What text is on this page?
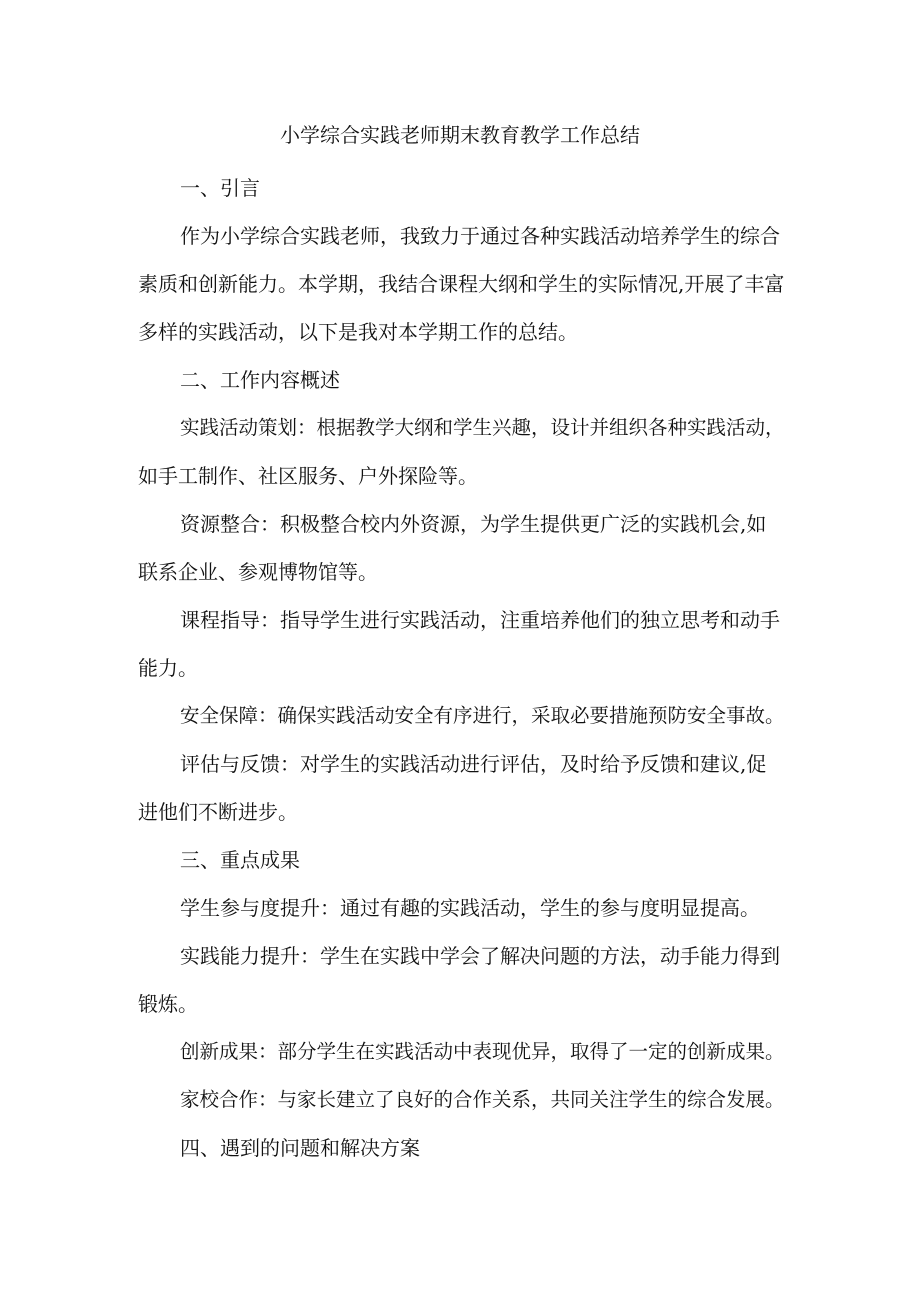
小学综合实践老师期末教育教学工作总结

一、引言

作为小学综合实践老师，我致力于通过各种实践活动培养学生的综合

素质和创新能力。本学期，我结合课程大纲和学生的实际情况,开展了丰富

多样的实践活动，以下是我对本学期工作的总结。

二、工作内容概述

实践活动策划：根据教学大纲和学生兴趣，设计并组织各种实践活动，

如手工制作、社区服务、户外探险等。

资源整合：积极整合校内外资源，为学生提供更广泛的实践机会,如

联系企业、参观博物馆等。

课程指导：指导学生进行实践活动，注重培养他们的独立思考和动手

能力。

安全保障：确保实践活动安全有序进行，采取必要措施预防安全事故。

评估与反馈：对学生的实践活动进行评估，及时给予反馈和建议,促

进他们不断进步。

三、重点成果

学生参与度提升：通过有趣的实践活动，学生的参与度明显提高。

实践能力提升：学生在实践中学会了解决问题的方法，动手能力得到

锻炼。

创新成果：部分学生在实践活动中表现优异，取得了一定的创新成果。

家校合作：与家长建立了良好的合作关系，共同关注学生的综合发展。

四、遇到的问题和解决方案
